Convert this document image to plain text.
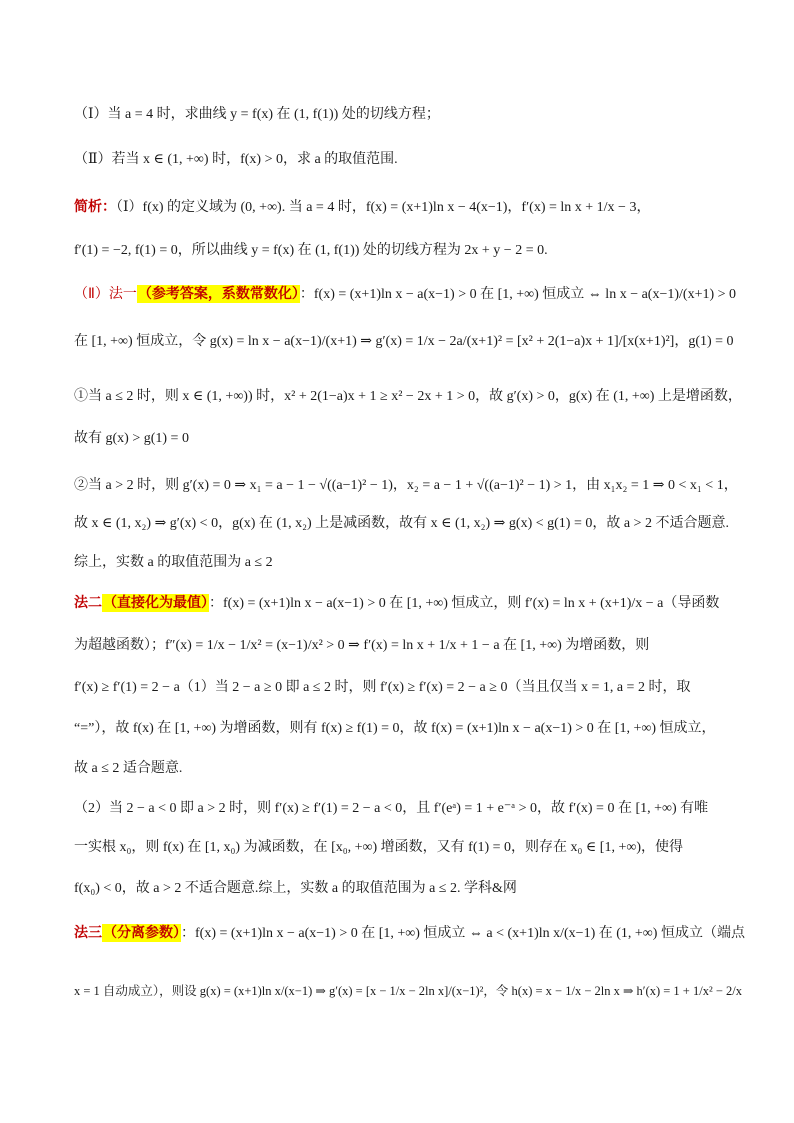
（Ⅰ）当 a = 4 时，求曲线 y = f(x) 在 (1, f(1)) 处的切线方程；
（Ⅱ）若当 x ∈ (1, +∞) 时，f(x) > 0，求 a 的取值范围.
简析：（Ⅰ）f(x) 的定义域为 (0, +∞). 当 a = 4 时，f(x) = (x+1)ln x − 4(x−1)，f′(x) = ln x + 1/x − 3，
f′(1) = −2, f(1) = 0，所以曲线 y = f(x) 在 (1, f(1)) 处的切线方程为 2x + y − 2 = 0.
（Ⅱ）法一（参考答案，系数常数化）：f(x) = (x+1)ln x − a(x−1) > 0 在 [1, +∞) 恒成立 ⇔ ln x − a(x−1)/(x+1) > 0
在 [1, +∞) 恒成立，令 g(x) = ln x − a(x−1)/(x+1) ⇒ g′(x) = 1/x − 2a/(x+1)² = [x² + 2(1−a)x + 1]/[x(x+1)²]，g(1) = 0
①当 a ≤ 2 时，则 x ∈ (1, +∞)) 时，x² + 2(1−a)x + 1 ≥ x² − 2x + 1 > 0，故 g′(x) > 0，g(x) 在 (1, +∞) 上是增函数，
故有 g(x) > g(1) = 0
②当 a > 2 时，则 g′(x) = 0 ⇒ x₁ = a − 1 − √((a−1)² − 1)，x₂ = a − 1 + √((a−1)² − 1) > 1，由 x₁x₂ = 1 ⇒ 0 < x₁ < 1，
故 x ∈ (1, x₂) ⇒ g′(x) < 0，g(x) 在 (1, x₂) 上是减函数，故有 x ∈ (1, x₂) ⇒ g(x) < g(1) = 0，故 a > 2 不适合题意.
综上，实数 a 的取值范围为 a ≤ 2
法二（直接化为最值）：f(x) = (x+1)ln x − a(x−1) > 0 在 [1, +∞) 恒成立，则 f′(x) = ln x + (x+1)/x − a（导函数
为超越函数）；f″(x) = 1/x − 1/x² = (x−1)/x² > 0 ⇒ f′(x) = ln x + 1/x + 1 − a 在 [1, +∞) 为增函数，则
f′(x) ≥ f′(1) = 2 − a（1）当 2 − a ≥ 0 即 a ≤ 2 时，则 f′(x) ≥ f′(x) = 2 − a ≥ 0（当且仅当 x = 1, a = 2 时，取
“=”），故 f(x) 在 [1, +∞) 为增函数，则有 f(x) ≥ f(1) = 0，故 f(x) = (x+1)ln x − a(x−1) > 0 在 [1, +∞) 恒成立，
故 a ≤ 2 适合题意.
（2）当 2 − a < 0 即 a > 2 时，则 f′(x) ≥ f′(1) = 2 − a < 0，且 f′(eᵃ) = 1 + e⁻ᵃ > 0，故 f′(x) = 0 在 [1, +∞) 有唯
一实根 x₀，则 f(x) 在 [1, x₀) 为减函数，在 [x₀, +∞) 增函数，又有 f(1) = 0，则存在 x₀ ∈ [1, +∞)，使得
f(x₀) < 0，故 a > 2 不适合题意.综上，实数 a 的取值范围为 a ≤ 2. 学科&网
法三（分离参数）：f(x) = (x+1)ln x − a(x−1) > 0 在 [1, +∞) 恒成立 ⇔ a < (x+1)ln x/(x−1) 在 (1, +∞) 恒成立（端点
x = 1 自动成立），则设 g(x) = (x+1)ln x/(x−1) ⇒ g′(x) = [x − 1/x − 2ln x]/(x−1)²，令 h(x) = x − 1/x − 2ln x ⇒ h′(x) = 1 + 1/x² − 2/x
